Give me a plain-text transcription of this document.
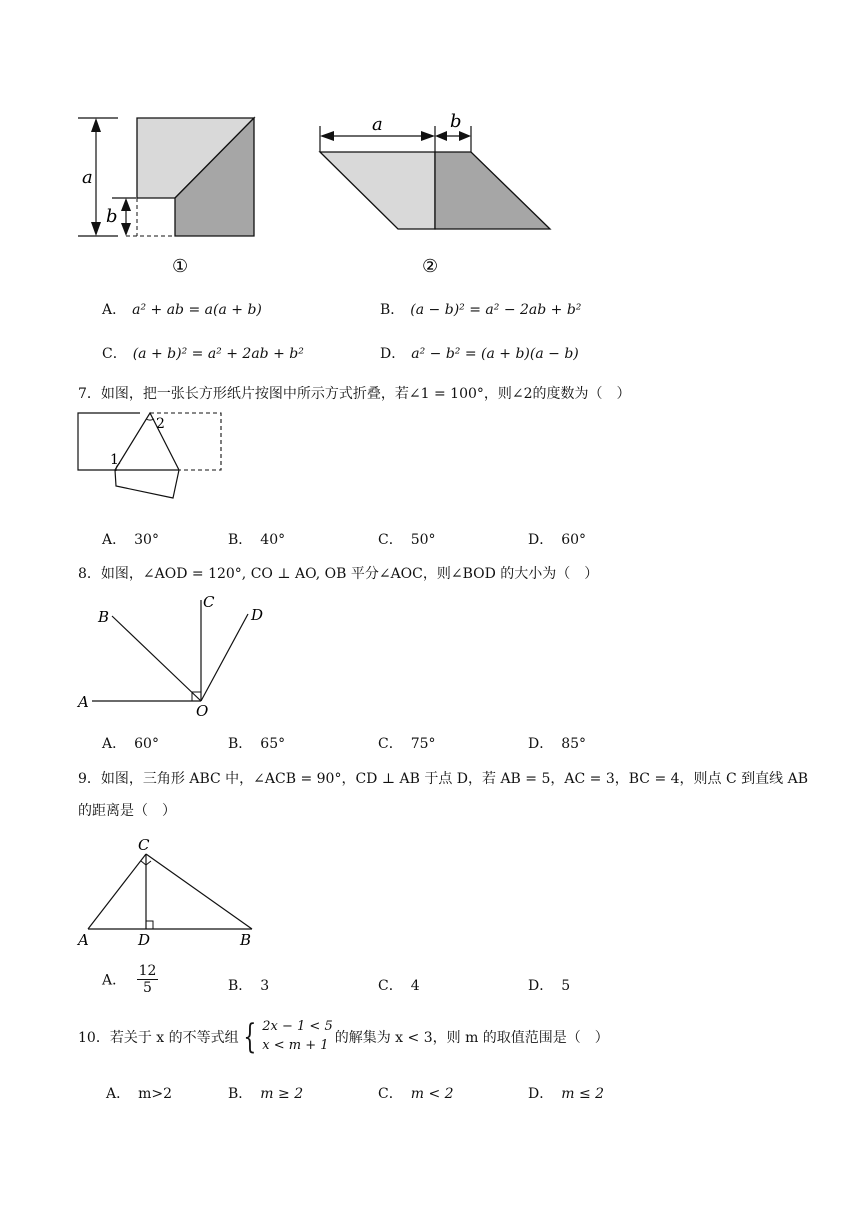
a
b
①
a	b
②
A． a² + ab = a(a + b)	B． (a − b)² = a² − 2ab + b²
C． (a + b)² = a² + 2ab + b²	D． a² − b² = (a + b)(a − b)
7．如图，把一张长方形纸片按图中所示方式折叠，若∠1 = 100°，则∠2的度数为（　）
1
2
A． 30°	B． 40°	C． 50°	D． 60°
8．如图，∠AOD = 120°, CO ⊥ AO, OB 平分∠AOC，则∠BOD 的大小为（　）
A
B
C
D
O
A． 60°	B． 65°	C． 75°	D． 85°
9．如图，三角形 ABC 中，∠ACB = 90°，CD ⊥ AB 于点 D，若 AB = 5，AC = 3，BC = 4，则点 C 到直线 AB
的距离是（　）
A	B
C
D
A． $\frac{12}{5}$	B． 3	C． 4	D． 5
10．若关于 x 的不等式组 { 2x − 1 < 5
x < m + 1 的解集为 x < 3，则 m 的取值范围是（　）
A． m>2	B． m ≥ 2	C． m < 2	D． m ≤ 2
